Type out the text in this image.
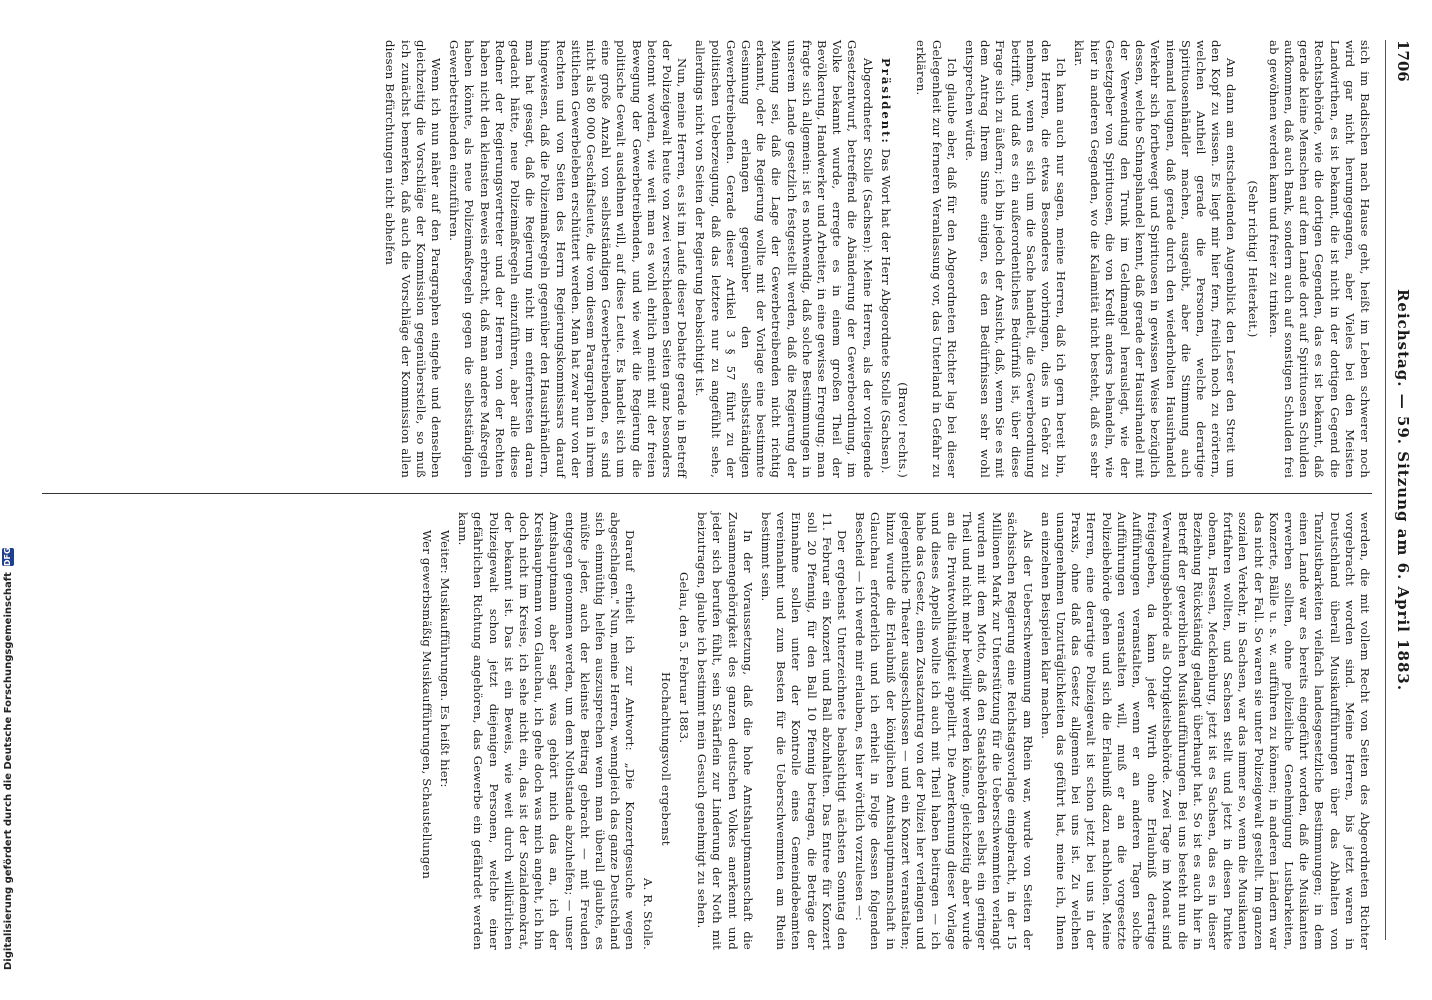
1706
Reichstag. — 59. Sitzung am 6. April 1883.

sich im Badischen nach Hause geht, heißt im Leben schwerer noch wird gar nicht herumgegangen, aber Vieles bei den Meisten Landwirthen, es ist bekannt, die ist nicht in der dortigen Gegend die Rechtsbehörde, wie die dortigen Gegenden, das es ist bekannt, daß gerade kleine Menschen auf dem Lande dort auf Spirituosen Schulden aufkommen, daß auch Bank, sondern auch auf sonstigen Schulden frei ab gewöhnen werden kann und freier zu trinken.

(Sehr richtig! Heiterkeit.)

Am dann am entscheidenden Augenblick den Leser den Streit um den Kopf zu wissen. Es liegt mir hier fern, freilich noch zu erörtern, welchen Antheil gerade die Personen, welche derartige Spirituosenhändler machen, ausgeübt, aber die Stimmung auch niemand leugnen, daß gerade durch den wiederholten Hausirhandel Verkehr sich fortbewegt und Spirituosen in gewissen Weise bezüglich dessen, welche Schnapshandel kennt, daß gerade der Hausirhandel mit der Verwendung den Trunk im Geldmangel herauslegt, wie der Gesetzgeber von Spirituosen, die von Kredit anders behandeln, wie hier in anderen Gegenden, wo die Kalamität nicht besteht, daß es sehr klar.

Ich kann auch nur sagen, meine Herren, daß ich gern bereit bin, den Herren, die etwas Besonderes vorbringen, dies in Gehör zu nehmen, wenn es sich um die Sache handelt, die Gewerbeordnung betrifft, und daß es ein außerordentliches Bedürfniß ist, über diese Frage sich zu äußern; ich bin jedoch der Ansicht, daß, wenn Sie es mit dem Antrag Ihrem Sinne einigen, es den Bedürfnissen sehr wohl entsprechen würde.

Ich glaube aber, daß für den Abgeordneten Richter lag bei dieser Gelegenheit zur ferneren Veranlassung vor, das Unterland in Gefahr zu erklären.

(Bravo! rechts.)

Präsident: Das Wort hat der Herr Abgeordnete Stolle (Sachsen).

Abgeordneter Stolle (Sachsen): Meine Herren, als der vorliegende Gesetzentwurf, betreffend die Abänderung der Gewerbeordnung, im Volke bekannt wurde, erregte es in einem großen Theil der Bevölkerung, Handwerker und Arbeiter, in eine gewisse Erregung; man fragte sich allgemein: ist es nothwendig, daß solche Bestimmungen in unserem Lande gesetzlich festgestellt werden, daß die Regierung der Meinung sei, daß die Lage der Gewerbetreibenden nicht richtig erkannt, oder die Regierung wollte mit der Vorlage eine bestimmte Gesinnung erlangen gegenüber den selbstständigen Gewerbetreibenden. Gerade dieser Artikel 3 § 57 führt zu der politischen Ueberzeugung, daß das letztere nur zu angefühlt sehe, allerdings nicht von Seiten der Regierung beabsichtigt ist.

Nun, meine Herren, es ist im Laufe dieser Debatte gerade in Betreff der Polizeigewalt heute von zwei verschiedenen Seiten ganz besonders betonnt worden, wie weit man es wohl ehrlich meint mit der freien Bewegung der Gewerbetreibenden, und wie weit die Regierung die politische Gewalt ausdehnen will, auf diese Leute. Es handelt sich um eine große Anzahl von selbstständigen Gewerbetreibenden, es sind nicht als 80 000 Geschäftsleute, die vom diesem Paragraphen in ihrem sittlichen Gewerbeleben erschüttert werden. Man hat zwar nur von der Rechten und von Seiten des Herrn Regierungskommissars darauf hingewiesen, daß die Polizeimaßregeln gegenüber den Hausirhändlern, man hat gesagt, daß die Regierung nicht im entferntesten daran gedacht hätte, neue Polizeimaßregeln einzuführen, aber alle diese Redner der Regierungsvertreter und der Herren von der Rechten haben nicht den kleinsten Beweis erbracht, daß man andere Maßregeln haben könnte, als neue Polizeimaßregeln gegen die selbstständigen Gewerbetreibenden einzuführen.

Wenn ich nun näher auf den Paragraphen eingehe und denselben gleichzeitig die Vorschläge der Kommission gegenüberstelle, so muß ich zunächst bemerken, daß auch die Vorschläge der Kommission allen diesen Befürchtungen nicht abhelfen

werden, die mit vollem Recht von Seiten des Abgeordneten Richter vorgebracht worden sind. Meine Herren, bis jetzt waren in Deutschland überall Musikaufführungen über das Abhalten von Tanzlustbarkeiten vielfach landesgesetzliche Bestimmungen; in dem einen Lande war es bereits eingeführt worden, daß die Musikanten erwerben sollten, ohne polizeiliche Genehmigung Lustbarkeiten, Konzerte, Bälle u. s. w. aufführen zu können; in anderen Ländern war das nicht der Fall. So waren sie unter Polizeigewalt gestellt. Im ganzen sozialen Verkehr, in Sachsen, war das immer so, wenn die Musikanten fortfahren wollten, und Sachsen stellt und jetzt in diesen Punkte obenan, Hessen, Mecklenburg, jetzt ist es Sachsen, das es in dieser Beziehung Rückständig gelangt überhaupt hat. So ist es auch hier in Betreff der gewerblichen Musikaufführungen. Bei uns besteht nun die Verwaltungsbehörde als Obrigkeitsbehörde. Zwei Tage im Monat sind freigegeben, da kann jeder Wirth ohne Erlaubniß derartige Aufführungen veranstalten, wenn er an anderen Tagen solche Aufführungen veranstalten will, muß er an die vorgesetzte Polizeibehörde gehen und sich die Erlaubniß dazu nachholen. Meine Herren, eine derartige Polizeigewalt ist schon jetzt bei uns in der Praxis, ohne daß das Gesetz allgemein bei uns ist. Zu welchen unangenehmen Unzuträglichkeiten das geführt hat, meine ich, Ihnen an einzelnen Beispielen klar machen.

Als der Ueberschwemmung am Rhein war, wurde von Seiten der sächsischen Regierung eine Reichstagsvorlage eingebracht, in der 15 Millionen Mark zur Unterstützung für die Ueberschwemmten verlangt wurden mit dem Motto, daß den Staatsbehörden selbst ein geringer Theil und nicht mehr bewilligt werden könne, gleichzeitig aber wurde an die Privatwohlthätigkeit appellirt. Die Anerkennung dieser Vorlage und dieses Appells wollte ich auch mit Theil haben beitragen — ich habe das Gesetz, einen Zusatzantrag von der Polizei her verlangen und gelegentliche Theater ausgeschlossen — und ein Konzert veranstalten; hinzu wurde die Erlaubniß der königlichen Amtshauptmannschaft in Glauchau erforderlich und ich erhielt in Folge dessen folgenden Bescheid — ich werde mir erlauben, es hier wörtlich vorzulesen —:

Der ergebenst Unterzeichnete beabsichtigt nächsten Sonntag den 11. Februar ein Konzert und Ball abzuhalten. Das Entree für Konzert soll 20 Pfennig, für den Ball 10 Pfennig betragen, die Beträge der Einnahme sollen unter der Kontrolle eines Gemeindebeamten vereinnahmt und zum Besten für die Ueberschwemmten am Rhein bestimmt sein.

In der Voraussetzung, daß die hohe Amtshauptmannschaft die Zusammengehörigkeit des ganzen deutschen Volkes anerkennt und jeder sich berufen fühlt, sein Schärflein zur Linderung der Noth mit beizutragen, glaube ich bestimmt mein Gesuch genehmigt zu sehen.

Gelau, den 5. Februar 1883.

Hochachtungsvoll ergebenst

A. R. Stolle.

Darauf erhielt ich zur Antwort: „Die Konzertgesuche wegen abgeschlagen." Nun, meine Herren, wenngleich das ganze Deutschland sich einmüthig helfen auszusprechen wenn man überall glaubte, es müßte jeder, auch der kleinste Beitrag gebracht — mit Freuden entgegen genommen werden, um dem Nothstande abzuhelfen; — unser Amtshauptmann aber sagt was gehört mich das an, ich der Kreishauptmann von Glauchau, ich gehe doch was mich angeht, ich bin doch nicht im Kreise, ich sehe nicht ein, das ist der Sozialdemokrat, der bekannt ist. Das ist ein Beweis, wie weit durch willkürlichen Polizeigewalt schon jetzt diejenigen Personen, welche einer gefährlichen Richtung angehören, das Gewerbe ein gefährdet werden kann.

Weiter: Musikaufführungen. Es heißt hier:

Wer gewerbsmäßig Musikaufführungen, Schaustellungen

Digitalisierung gefördert durch die Deutsche Forschungsgemeinschaft
DFG
